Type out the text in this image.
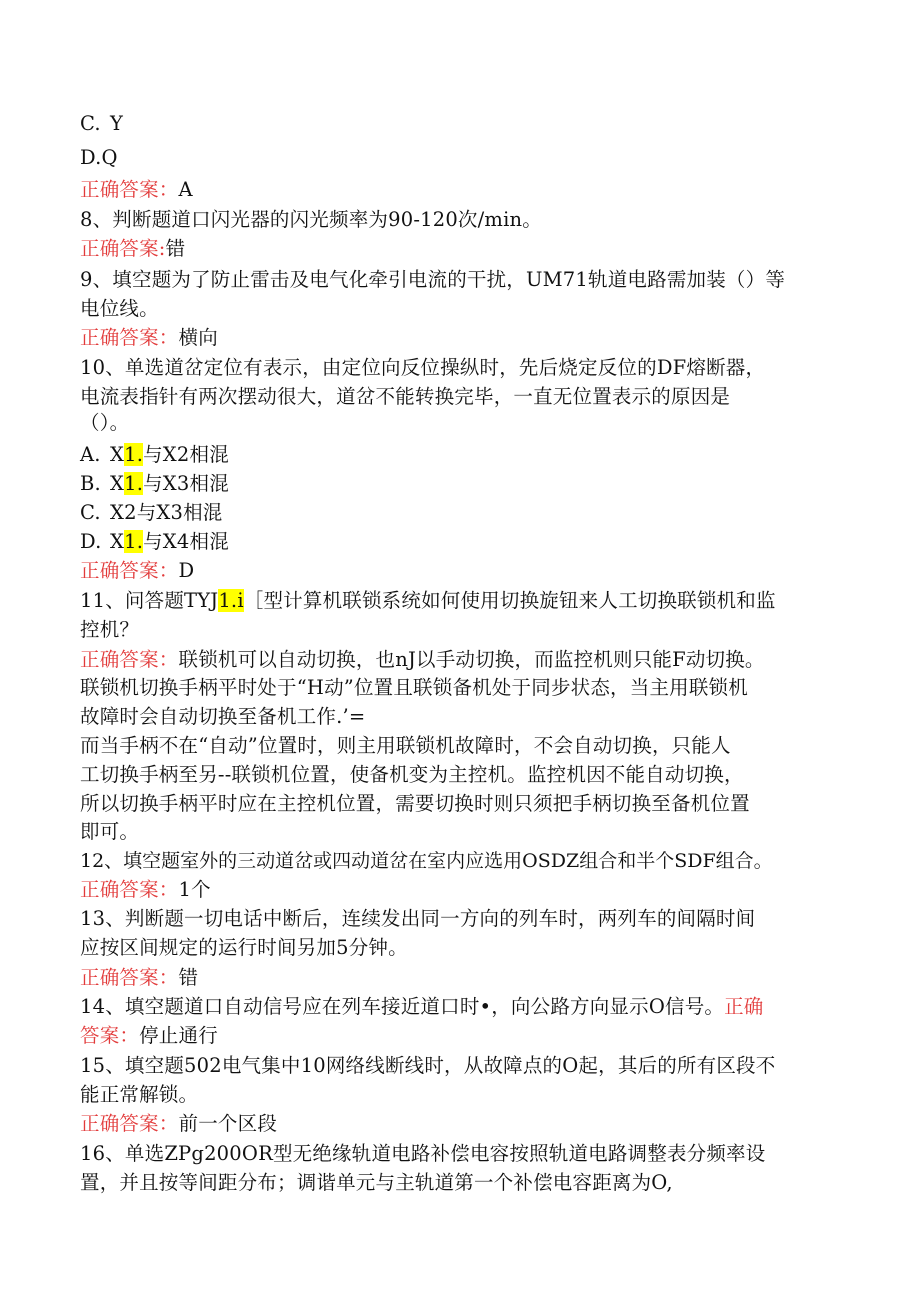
C. Y
D.Q
正确答案：A
8、判断题道口闪光器的闪光频率为90-120次/min。
正确答案:错
9、填空题为了防止雷击及电气化牵引电流的干扰，UM71轨道电路需加装（）等
电位线。
正确答案：横向
10、单选道岔定位有表示，由定位向反位操纵时，先后烧定反位的DF熔断器，
电流表指针有两次摆动很大，道岔不能转换完毕，一直无位置表示的原因是
（）。
A. X1.与X2相混
B. X1.与X3相混
C. X2与X3相混
D. X1.与X4相混
正确答案：D
11、问答题TYJ1.i［型计算机联锁系统如何使用切换旋钮来人工切换联锁机和监
控机？
正确答案：联锁机可以自动切换，也nJ以手动切换，而监控机则只能F动切换。
联锁机切换手柄平时处于“H动”位置且联锁备机处于同步状态，当主用联锁机
故障时会自动切换至备机工作.’=
而当手柄不在“自动”位置时，则主用联锁机故障时，不会自动切换，只能人
工切换手柄至另--联锁机位置，使备机变为主控机。监控机因不能自动切换，
所以切换手柄平时应在主控机位置，需要切换时则只须把手柄切换至备机位置
即可。
12、填空题室外的三动道岔或四动道岔在室内应选用OSDZ组合和半个SDF组合。
正确答案：1个
13、判断题一切电话中断后，连续发出同一方向的列车时，两列车的间隔时间
应按区间规定的运行时间另加5分钟。
正确答案：错
14、填空题道口自动信号应在列车接近道口时•，向公路方向显示O信号。正确
答案：停止通行
15、填空题502电气集中10网络线断线时，从故障点的O起，其后的所有区段不
能正常解锁。
正确答案：前一个区段
16、单选ZPg200OR型无绝缘轨道电路补偿电容按照轨道电路调整表分频率设
置，并且按等间距分布；调谐单元与主轨道第一个补偿电容距离为O,
